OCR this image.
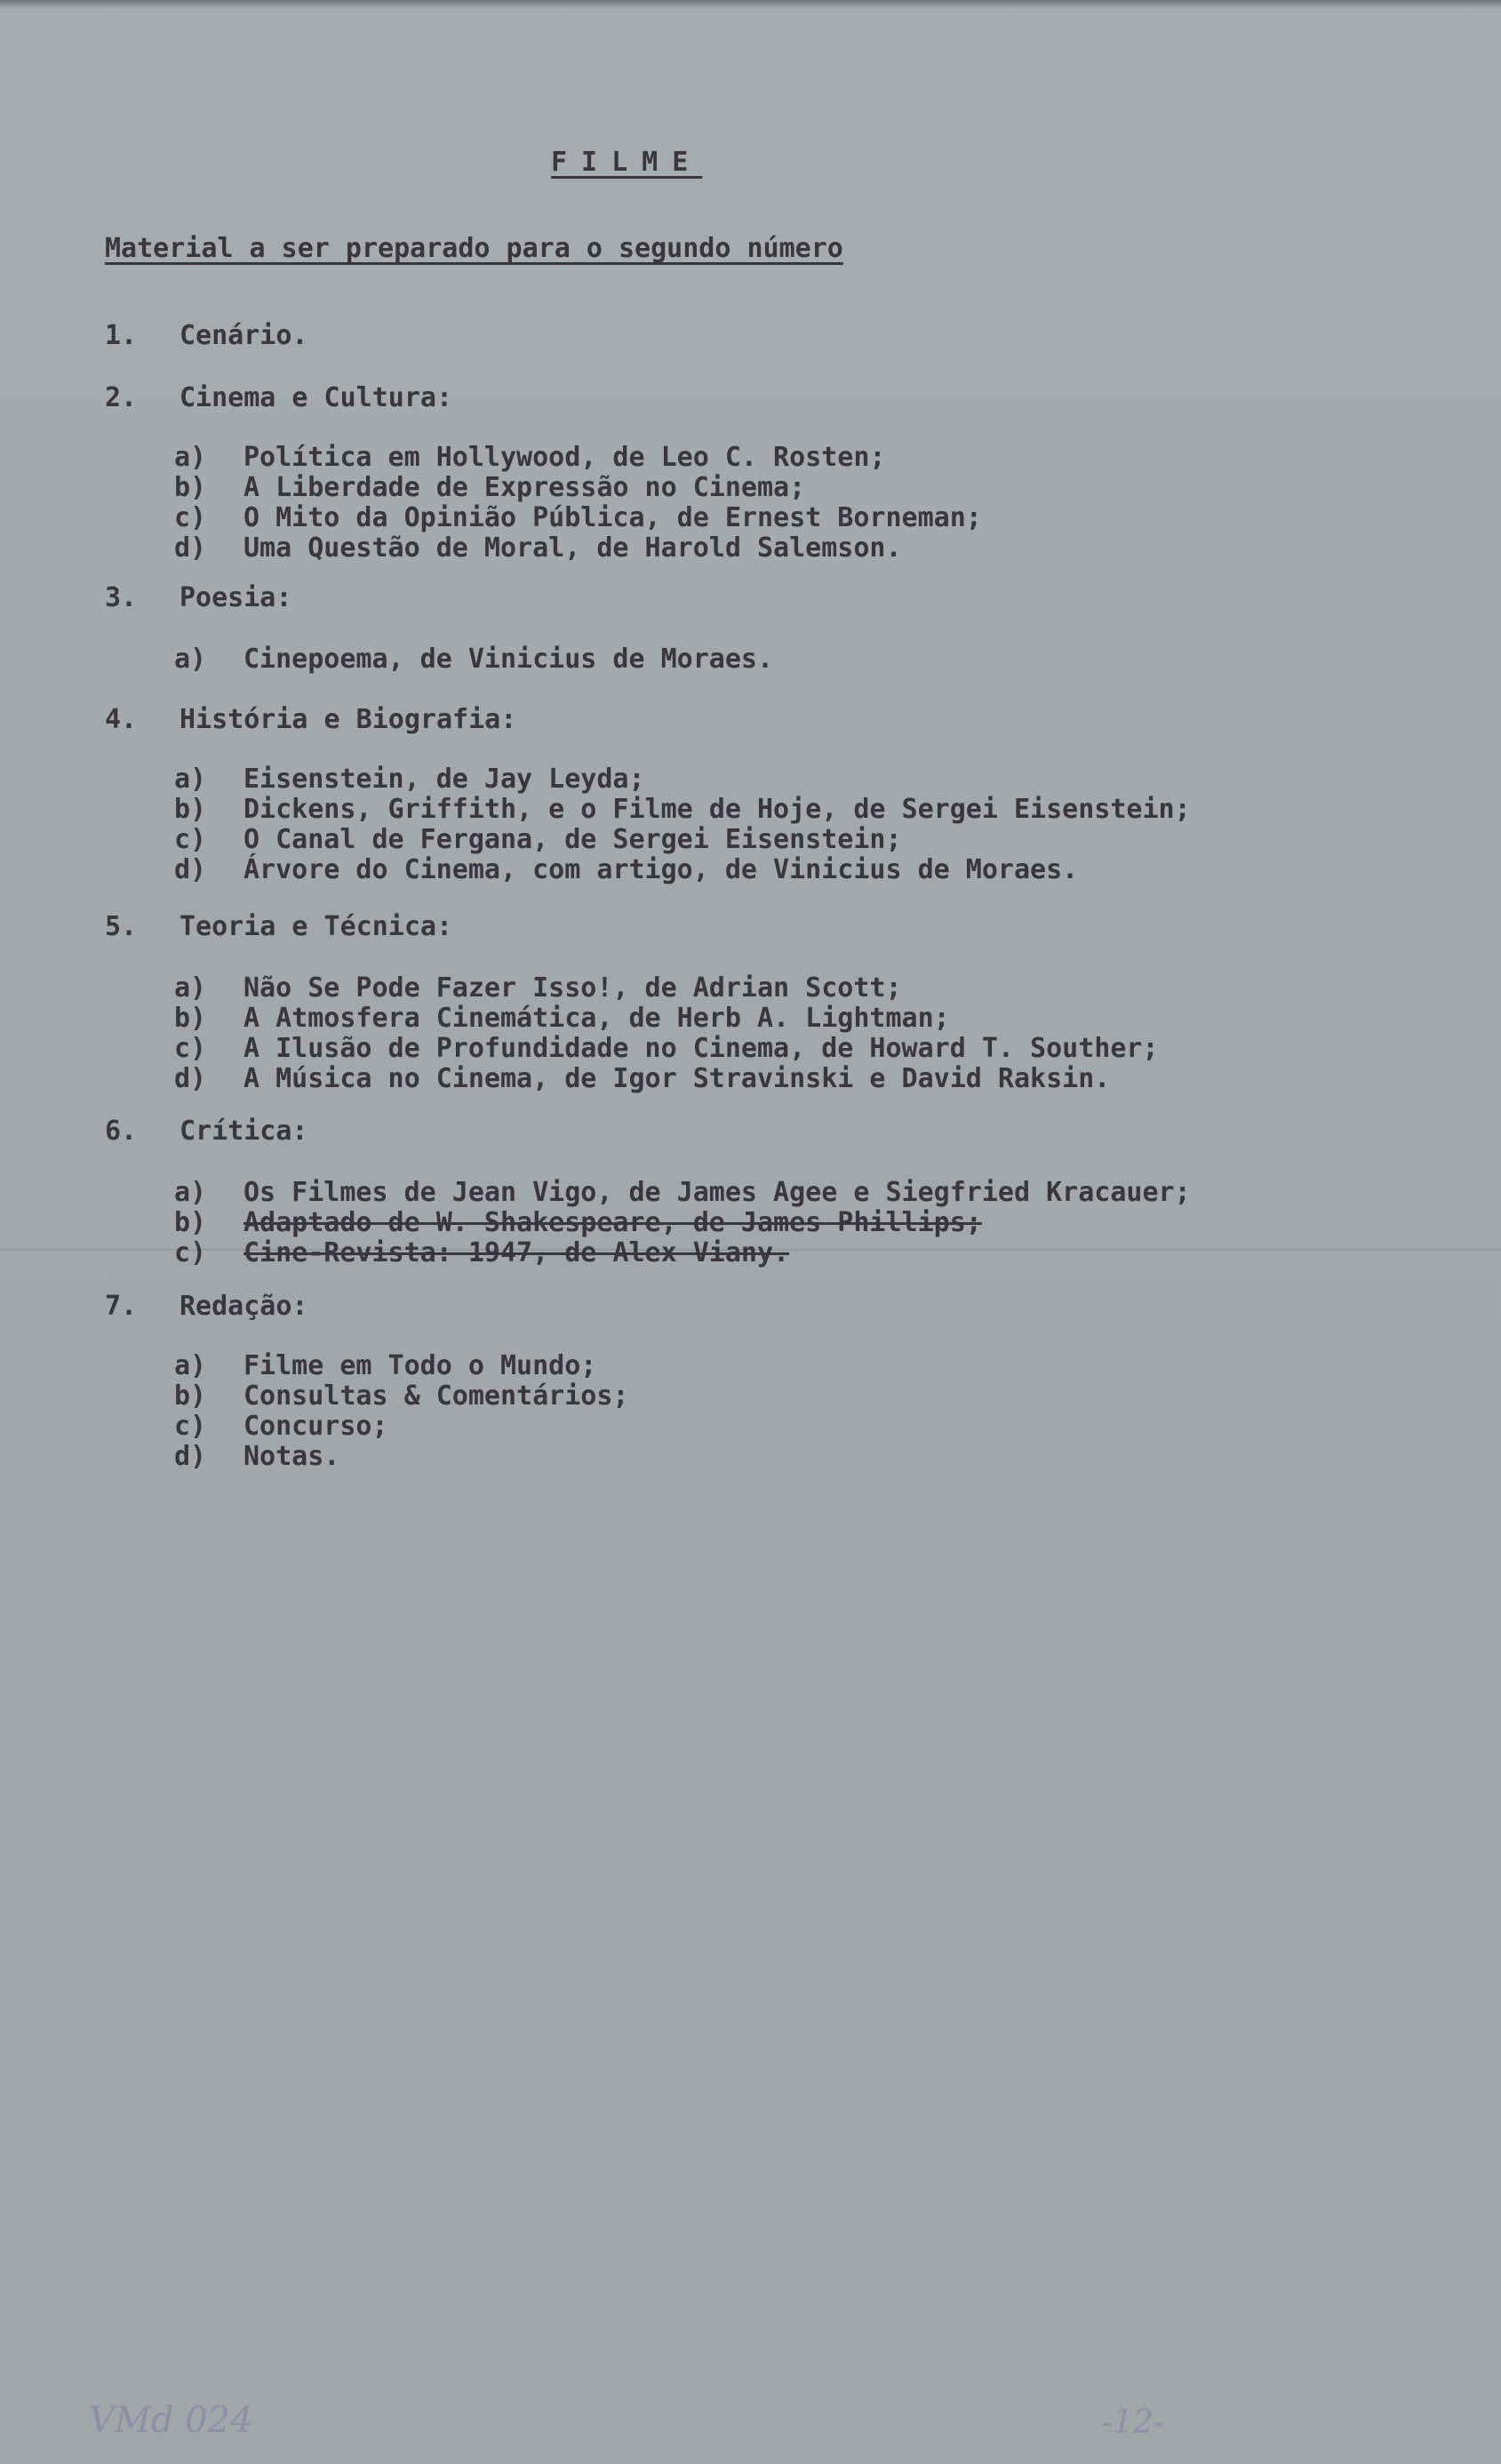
FILME
Material a ser preparado para o segundo número
1. Cenário.
2. Cinema e Cultura:
a) Política em Hollywood, de Leo C. Rosten;
b) A Liberdade de Expressão no Cinema;
c) O Mito da Opinião Pública, de Ernest Borneman;
d) Uma Questão de Moral, de Harold Salemson.
3. Poesia:
a) Cinepoema, de Vinicius de Moraes.
4. História e Biografia:
a) Eisenstein, de Jay Leyda;
b) Dickens, Griffith, e o Filme de Hoje, de Sergei Eisenstein;
c) O Canal de Fergana, de Sergei Eisenstein;
d) Árvore do Cinema, com artigo, de Vinicius de Moraes.
5. Teoria e Técnica:
a) Não Se Pode Fazer Isso!, de Adrian Scott;
b) A Atmosfera Cinemática, de Herb A. Lightman;
c) A Ilusão de Profundidade no Cinema, de Howard T. Souther;
d) A Música no Cinema, de Igor Stravinski e David Raksin.
6. Crítica:
a) Os Filmes de Jean Vigo, de James Agee e Siegfried Kracauer;
b) Adaptado de W. Shakespeare, de James Phillips;
c) Cine-Revista: 1947, de Alex Viany.
7. Redação:
a) Filme em Todo o Mundo;
b) Consultas & Comentários;
c) Concurso;
d) Notas.
VMd 024	-12-
